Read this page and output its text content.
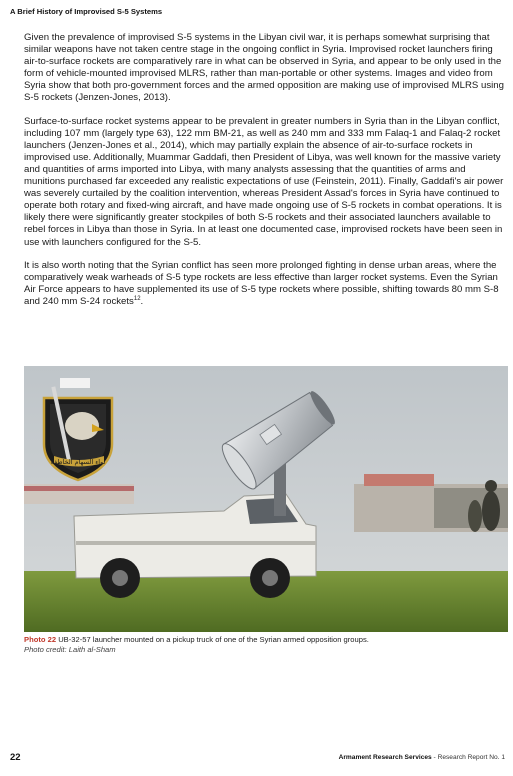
A Brief History of Improvised S-5 Systems

Given the prevalence of improvised S-5 systems in the Libyan civil war, it is perhaps somewhat surprising that similar weapons have not taken centre stage in the ongoing conflict in Syria. Improvised rocket launchers firing air-to-surface rockets are comparatively rare in what can be observed in Syria, and appear to be only used in the form of vehicle-mounted improvised MLRS, rather than man-portable or other systems. Images and video from Syria show that both pro-government forces and the armed opposition are making use of improvised MLRS using S-5 rockets (Jenzen-Jones, 2013).

Surface-to-surface rocket systems appear to be prevalent in greater numbers in Syria than in the Libyan conflict, including 107 mm (largely type 63), 122 mm BM-21, as well as 240 mm and 333 mm Falaq-1 and Falaq-2 rocket launchers (Jenzen-Jones et al., 2014), which may partially explain the absence of air-to-surface rockets in improvised use. Additionally, Muammar Gaddafi, then President of Libya, was well known for the massive variety and quantities of arms imported into Libya, with many analysts assessing that the quantities of arms and munitions purchased far exceeded any realistic expectations of use (Feinstein, 2011). Finally, Gaddafi's air power was severely curtailed by the coalition intervention, whereas President Assad's forces in Syria have continued to operate both rotary and fixed-wing aircraft, and have made ongoing use of S-5 rockets in combat operations. It is likely there were significantly greater stockpiles of both S-5 rockets and their associated launchers available to rebel forces in Libya than those in Syria. In at least one documented case, improvised rockets have been seen in use with launchers configured for the S-5.

It is also worth noting that the Syrian conflict has seen more prolonged fighting in dense urban areas, where the comparatively weak warheads of S-5 type rockets are less effective than larger rocket systems. Even the Syrian Air Force appears to have supplemented its use of S-5 type rockets where possible, shifting towards 80 mm S-8 and 240 mm S-24 rockets$^{12}$.

لواء السهام الخاطفة
Photo 22 UB-32-57 launcher mounted on a pickup truck of one of the Syrian armed opposition groups.
Photo credit: Laith al-Sham
22	Armament Research Services - Research Report No. 1
